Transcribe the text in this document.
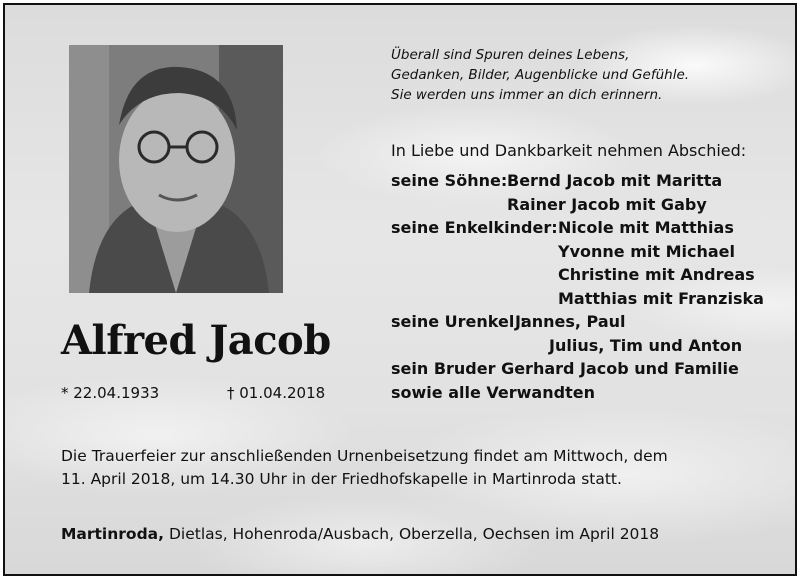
Überall sind Spuren deines Lebens,
Gedanken, Bilder, Augenblicke und Gefühle.
Sie werden uns immer an dich erinnern.
In Liebe und Dankbarkeit nehmen Abschied:
seine Söhne: Bernd Jacob mit Maritta
Rainer Jacob mit Gaby
seine Enkelkinder: Nicole mit Matthias
Yvonne mit Michael
Christine mit Andreas
Matthias mit Franziska
seine Urenkel :
Jannes, Paul
Julius, Tim und Anton
sein Bruder Gerhard Jacob und Familie
sowie alle Verwandten
Alfred Jacob
* 22.04.1933	† 01.04.2018
Die Trauerfeier zur anschließenden Urnenbeisetzung findet am Mittwoch, dem
11. April 2018, um 14.30 Uhr in der Friedhofskapelle in Martinroda statt.
Martinroda, Dietlas, Hohenroda/Ausbach, Oberzella, Oechsen im April 2018
